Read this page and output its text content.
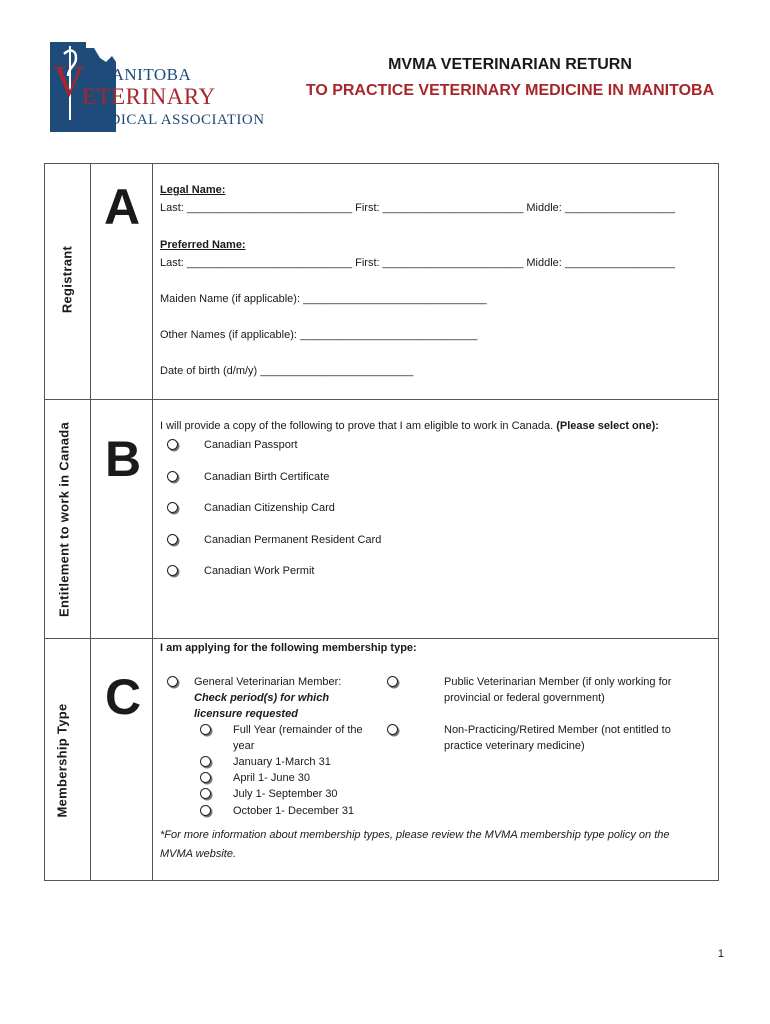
V MANITOBA
ETERINARY
MEDICAL ASSOCIATION
MVMA VETERINARIAN RETURN
TO PRACTICE VETERINARY MEDICINE IN MANITOBA
Registrant
A Legal Name:
Last: ___________________________ First: _______________________ Middle: __________________
Preferred Name:
Last: ___________________________ First: _______________________ Middle: __________________
Maiden Name (if applicable): ______________________________
Other Names (if applicable): _____________________________
Date of birth (d/m/y) _________________________
Entitlement to work in Canada B
I will provide a copy of the following to prove that I am eligible to work in Canada. (Please select one):
Canadian Passport
Canadian Birth Certificate
Canadian Citizenship Card
Canadian Permanent Resident Card
Canadian Work Permit
Membership Type
C
I am applying for the following membership type:
General Veterinarian Member:
Check period(s) for which
licensure requested
Full Year (remainder of the
year
January 1-March 31
April 1- June 30
July 1- September 30
October 1- December 31
Public Veterinarian Member (if only working for
provincial or federal government)
Non-Practicing/Retired Member (not entitled to
practice veterinary medicine)
*For more information about membership types, please review the MVMA membership type policy on the
MVMA website.
1
